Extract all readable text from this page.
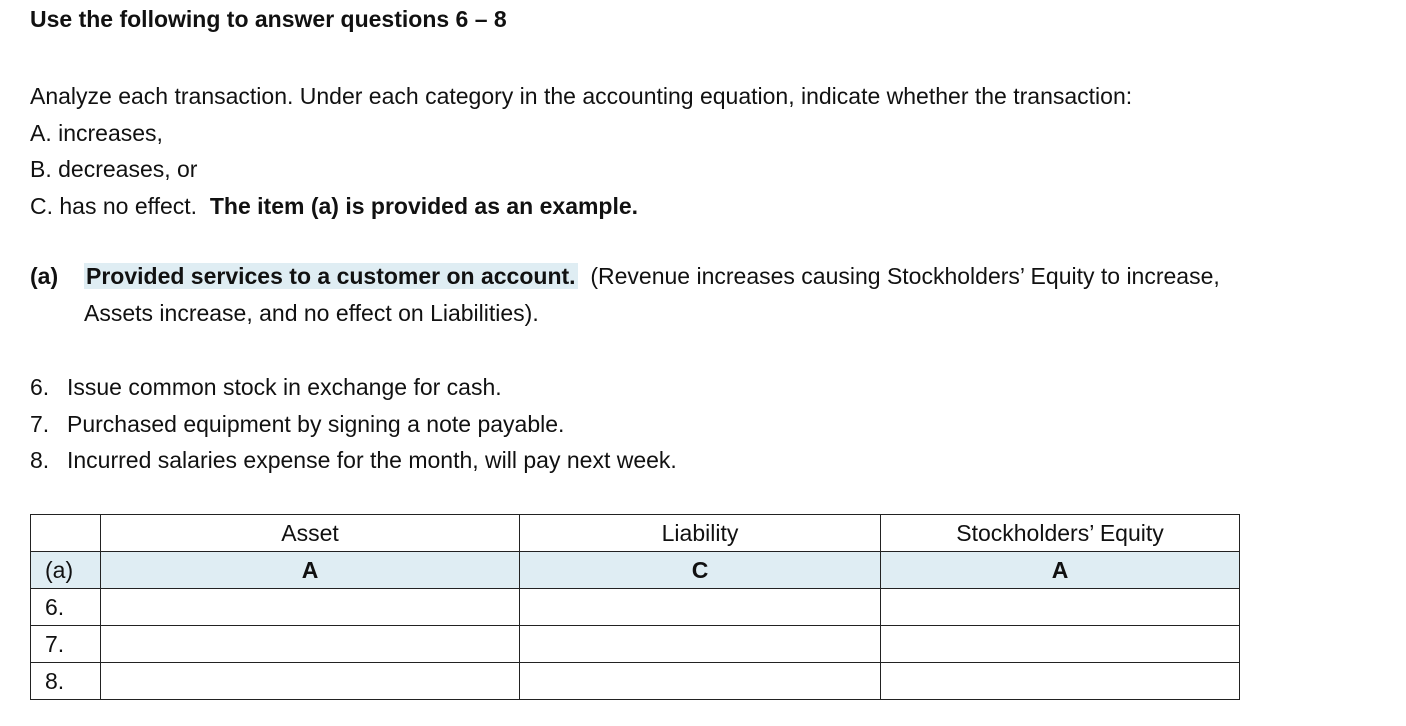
Use the following to answer questions 6 – 8
Analyze each transaction. Under each category in the accounting equation, indicate whether the transaction:
A. increases,
B. decreases, or
C. has no effect. The item (a) is provided as an example.
(a) Provided services to a customer on account. (Revenue increases causing Stockholders’ Equity to increase,
Assets increase, and no effect on Liabilities).
6. Issue common stock in exchange for cash.
7. Purchased equipment by signing a note payable.
8. Incurred salaries expense for the month, will pay next week.
	Asset	Liability	Stockholders’ Equity
(a)	A	C	A
6.			
7.			
8.			
